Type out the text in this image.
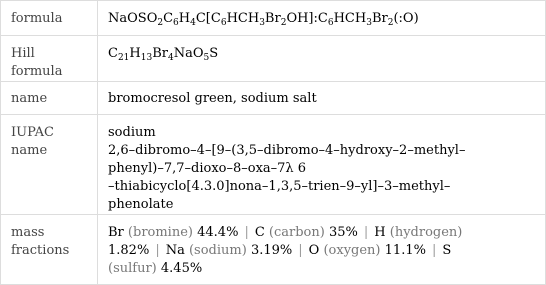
formula	$NaOSO_2C_6H_4C[C_6HCH_3Br_2OH]:C_6HCH_3Br_2(:O)$
Hill formula	$C_{21}H_{13}Br_4NaO_5S$
name	bromocresol green, sodium salt
IUPAC name	sodium
2,6–dibromo–4–[9–(3,5–dibromo–4–hydroxy–2–methyl–
phenyl)–7,7–dioxo–8–oxa–7λ 6
–thiabicyclo[4.3.0]nona–1,3,5–trien–9–yl]–3–methyl–
phenolate

mass fractions	Br (bromine) 44.4% | C (carbon) 35% | H (hydrogen)
1.82% | Na (sodium) 3.19% | O (oxygen) 11.1% | S
(sulfur) 4.45%
